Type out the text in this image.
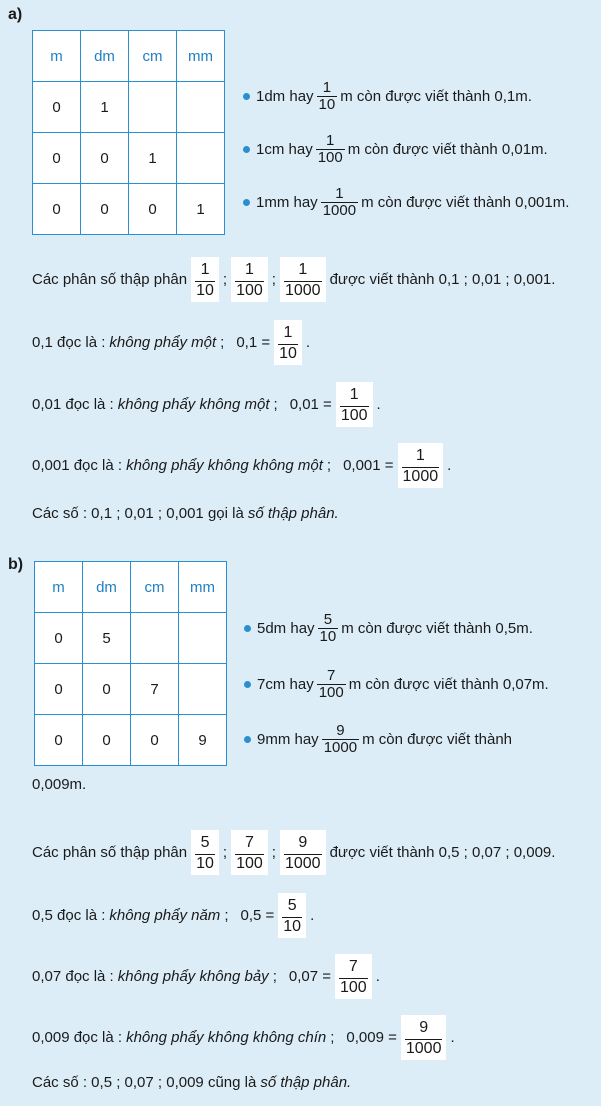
a)
m	dm	cm	mm
0	1		
0	0	1	
0	0	0	1
1dm hay $\frac{1}{10}$ m còn được viết thành 0,1m.
1cm hay $\frac{1}{100}$ m còn được viết thành 0,01m.
1mm hay $\frac{1}{1000}$ m còn được viết thành 0,001m.
Các phân số thập phân
1
10
;
1
100
;
1
1000
được viết thành 0,1 ; 0,01 ; 0,001.
0,1 đọc là : không phẩy một ; $0,1 = \frac{1}{10}$ .
0,01 đọc là : không phẩy không một ; $0,01 = \frac{1}{100}$ .
0,001 đọc là : không phẩy không không một ; $0,001 = \frac{1}{1000}$ .
Các số : 0,1 ; 0,01 ; 0,001 gọi là số thập phân.
b)
m	dm	cm	mm
0	5		
0	0	7	
0	0	0	9
5dm hay $\frac{5}{10}$ m còn được viết thành 0,5m.
7cm hay $\frac{7}{100}$ m còn được viết thành 0,07m.
9mm hay $\frac{9}{1000}$ m còn được viết thành
0,009m.
Các phân số thập phân
5
10
;
7
100
;
9
1000
được viết thành 0,5 ; 0,07 ; 0,009.
0,5 đọc là : không phẩy năm ; $0,5 = \frac{5}{10}$ .
0,07 đọc là : không phẩy không bảy ; $0,07 = \frac{7}{100}$ .
0,009 đọc là : không phẩy không không chín ; $0,009 = \frac{9}{1000}$ .
Các số : 0,5 ; 0,07 ; 0,009 cũng là số thập phân.
